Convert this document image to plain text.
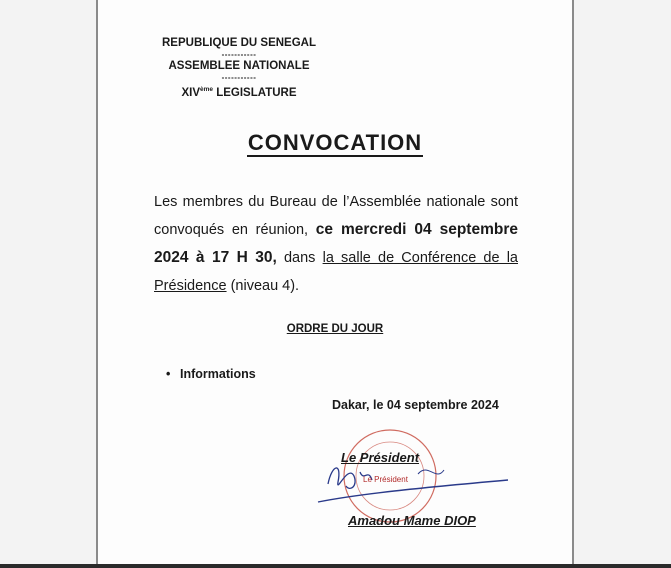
REPUBLIQUE DU SENEGAL
-----------
ASSEMBLEE NATIONALE
-----------
XIVème LEGISLATURE
CONVOCATION
Les membres du Bureau de l’Assemblée nationale sont convoqués en réunion, ce mercredi 04 septembre 2024 à 17 H 30, dans la salle de Conférence de la Présidence (niveau 4).
ORDRE DU JOUR
• Informations
Dakar, le 04 septembre 2024
Le Président
Le Président
Amadou Mame DIOP
